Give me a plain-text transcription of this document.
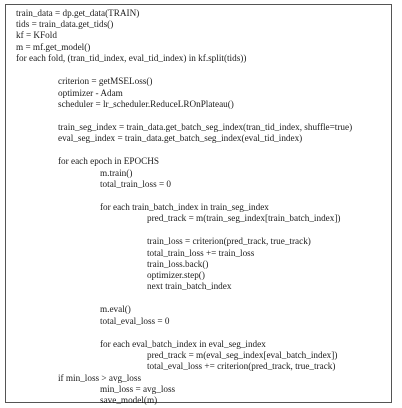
train_data = dp.get_data(TRAIN)

tids = train_data.get_tids()

kf = KFold

m = mf.get_model()

for each fold, (tran_tid_index, eval_tid_index) in kf.split(tids))

criterion = getMSELoss()

optimizer - Adam

scheduler = lr_scheduler.ReduceLROnPlateau()

train_seg_index = train_data.get_batch_seg_index(tran_tid_index, shuffle=true)

eval_seg_index = train_data.get_batch_seg_index(eval_tid_index)

for each epoch in EPOCHS

m.train()

total_train_loss = 0

for each train_batch_index in train_seg_index

pred_track = m(train_seg_index[train_batch_index])

train_loss = criterion(pred_track, true_track)

total_train_loss += train_loss

train_loss.back()

optimizer.step()

next train_batch_index

m.eval()

total_eval_loss = 0

for each eval_batch_index in eval_seg_index

pred_track = m(eval_seg_index[eval_batch_index])

total_eval_loss += criterion(pred_track, true_track)

if min_loss > avg_loss

min_loss = avg_loss

save_model(m)
